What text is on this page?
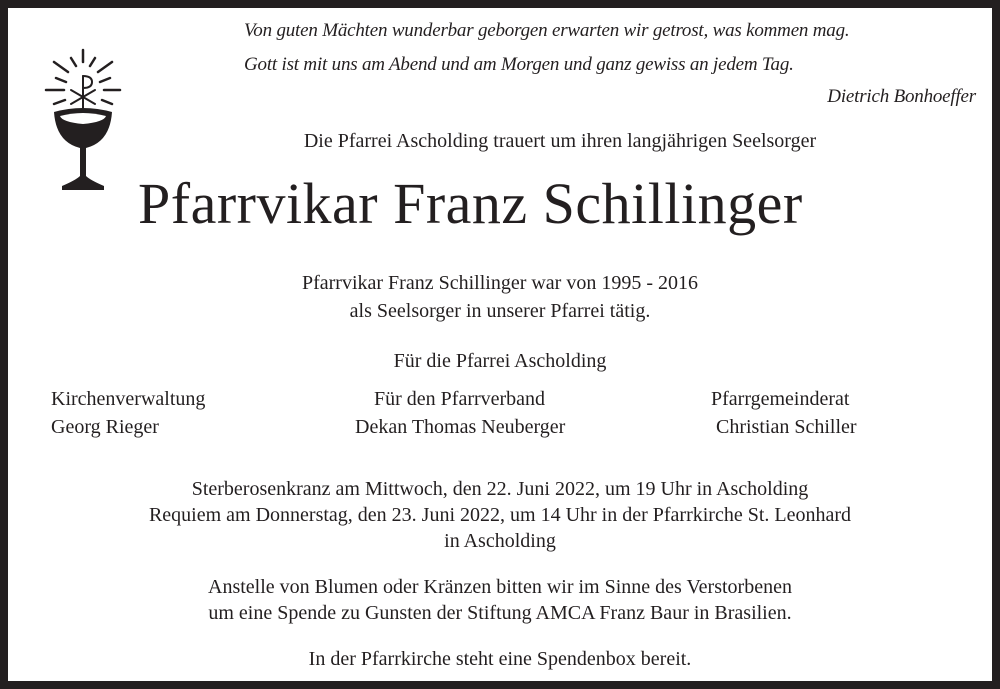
Von guten Mächten wunderbar geborgen erwarten wir getrost, was kommen mag.
Gott ist mit uns am Abend und am Morgen und ganz gewiss an jedem Tag.
Dietrich Bonhoeffer
Die Pfarrei Ascholding trauert um ihren langjährigen Seelsorger
Pfarrvikar Franz Schillinger
Pfarrvikar Franz Schillinger war von 1995 - 2016
als Seelsorger in unserer Pfarrei tätig.
Für die Pfarrei Ascholding
Kirchenverwaltung
Georg Rieger
Für den Pfarrverband
Dekan Thomas Neuberger
Pfarrgemeinderat
Christian Schiller
Sterberosenkranz am Mittwoch, den 22. Juni 2022, um 19 Uhr in Ascholding
Requiem am Donnerstag, den 23. Juni 2022, um 14 Uhr in der Pfarrkirche St. Leonhard
in Ascholding
Anstelle von Blumen oder Kränzen bitten wir im Sinne des Verstorbenen
um eine Spende zu Gunsten der Stiftung AMCA Franz Baur in Brasilien.
In der Pfarrkirche steht eine Spendenbox bereit.
